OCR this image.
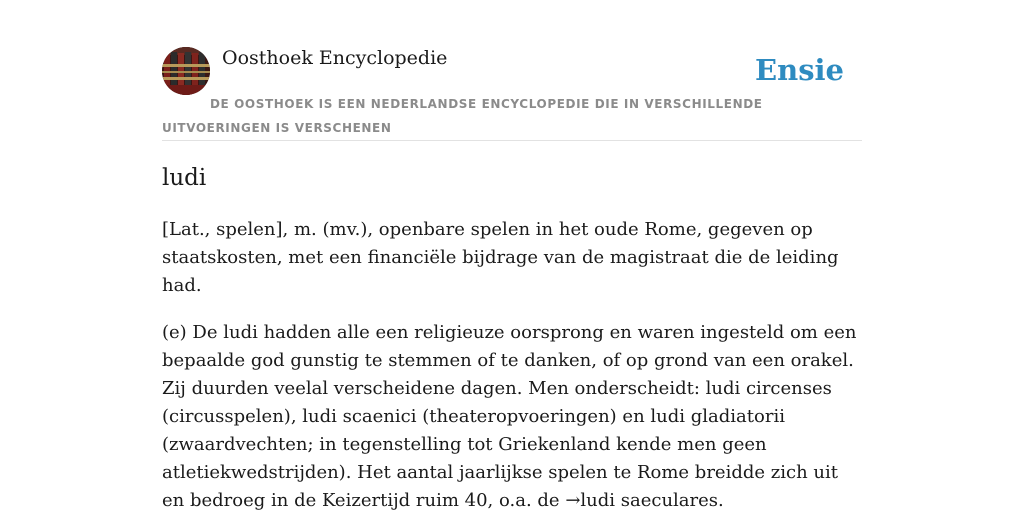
Oosthoek Encyclopedie	Ensie
DE OOSTHOEK IS EEN NEDERLANDSE ENCYCLOPEDIE DIE IN VERSCHILLENDE UITVOERINGEN IS VERSCHENEN
ludi

[Lat., spelen], m. (mv.), openbare spelen in het oude Rome, gegeven op staatskosten, met een financiële bijdrage van de magistraat die de leiding had.

(e) De ludi hadden alle een religieuze oorsprong en waren ingesteld om een bepaalde god gunstig te stemmen of te danken, of op grond van een orakel. Zij duurden veelal verscheidene dagen. Men onderscheidt: ludi circenses (circusspelen), ludi scaenici (theateropvoeringen) en ludi gladiatorii (zwaardvechten; in tegenstelling tot Griekenland kende men geen atletiekwedstrijden). Het aantal jaarlijkse spelen te Rome breidde zich uit en bedroeg in de Keizertijd ruim 40, o.a. de →ludi saeculares.
